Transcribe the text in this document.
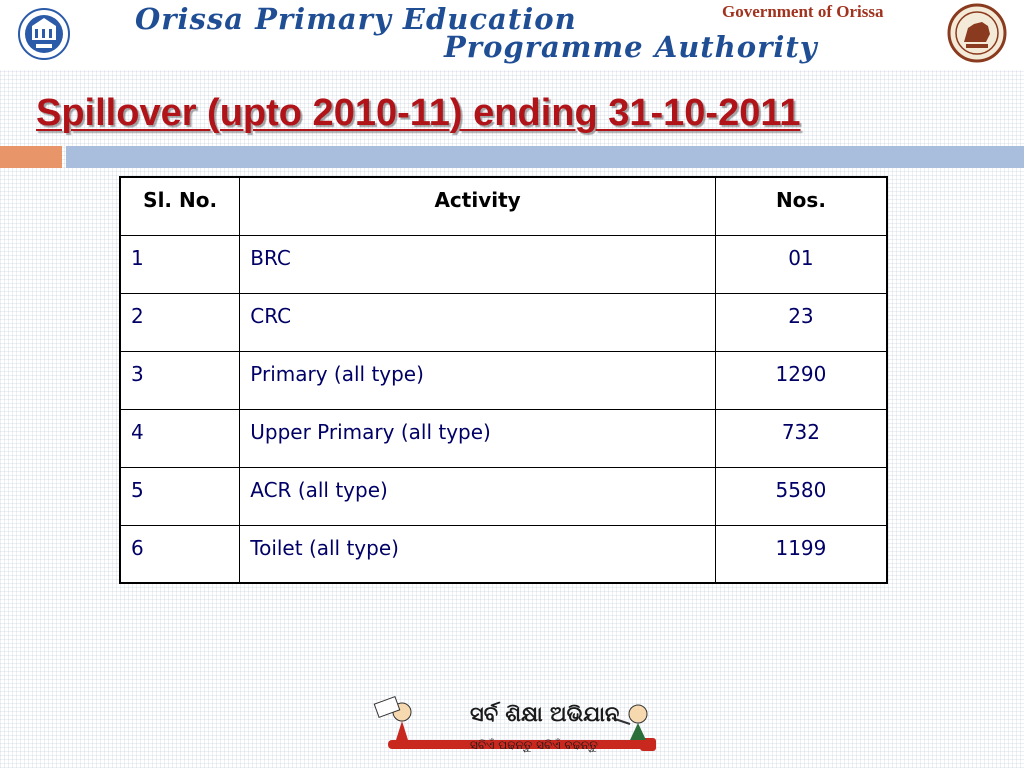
Orissa Primary Education
Programme Authority
Government of Orissa
Spillover (upto 2010-11) ending 31-10-2011
Sl. No.	Activity	Nos.
1	BRC	01
2	CRC	23
3	Primary (all type)	1290
4	Upper Primary (all type)	732
5	ACR (all type)	5580
6	Toilet (all type)	1199

ସର୍ବ ଶିକ୍ଷା ଅଭିଯାନ

ସବିଏଁ ପଢନ୍ତୁ ସବିଏଁ ବଢନ୍ତୁ
